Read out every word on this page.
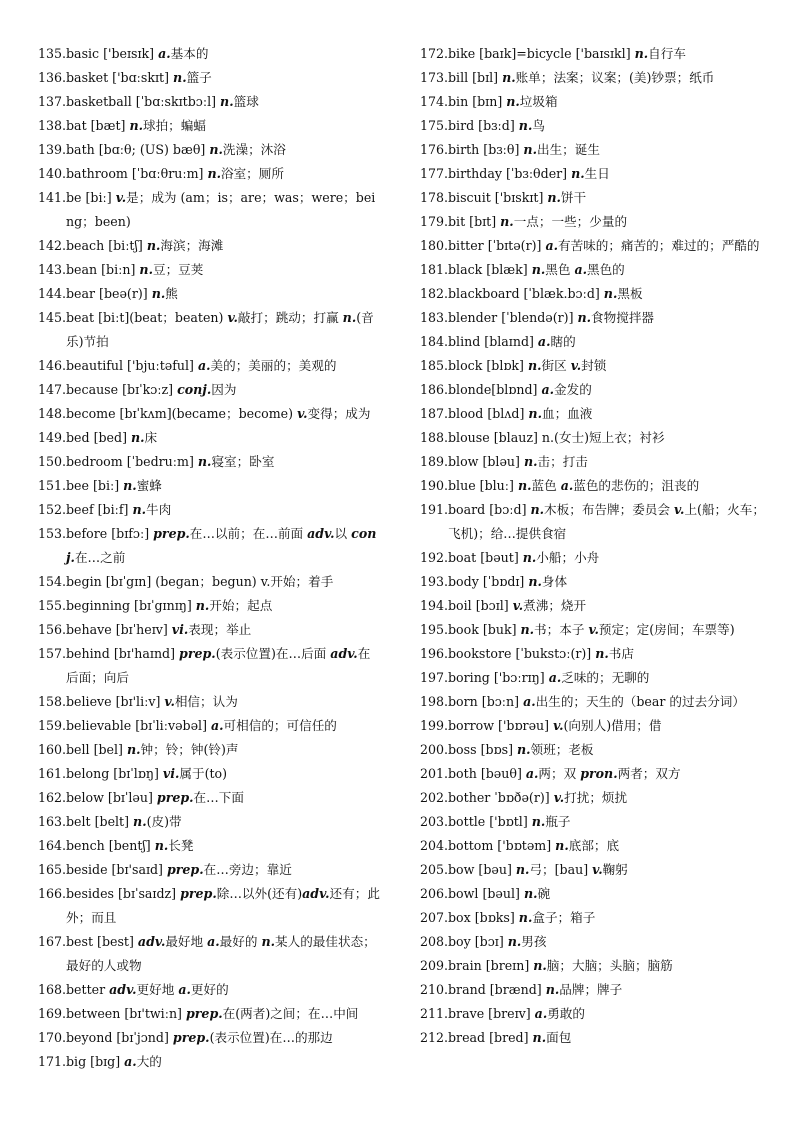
135. basic ['beɪsɪk] a.基本的
136. basket ['bɑːskɪt] n.篮子
137. basketball [ˈbɑːskɪtbɔːl] n.篮球
138. bat [bæt] n.球拍；蝙蝠
139. bath [bɑːθ; (US) bæθ] n.洗澡；沐浴
140. bathroom [ˈbɑːθruːm] n.浴室；厕所
141. be [biː] v.是；成为 (am；is；are；was；were；being；been)
142. beach [biːtʃ] n.海滨；海滩
143. bean [biːn] n.豆；豆荚
144. bear [beə(r)] n.熊
145. beat [biːt](beat；beaten) v.敲打；跳动；打赢 n.(音乐)节拍
146. beautiful ['bjuːtəful] a.美的；美丽的；美观的
147. because [bɪˈkɔːz] conj.因为
148. become [bɪˈkʌm](became；become) v.变得；成为
149. bed [bed] n.床
150. bedroom [ˈbedruːm] n.寝室；卧室
151. bee [biː] n.蜜蜂
152. beef [biːf] n.牛肉
153. before [bɪfɔː] prep.在…以前；在…前面 adv.以 conj.在…之前
154. begin [bɪˈgɪn] (began；begun) v.开始；着手
155. beginning [bɪˈgɪnɪŋ] n.开始；起点
156. behave [bɪˈheɪv] vi.表现；举止
157. behind [bɪ'haɪnd] prep.(表示位置)在…后面 adv.在后面；向后
158. believe [bɪ'liːv] v.相信；认为
159. believable [bɪˈliːvəbəl] a.可相信的；可信任的
160. bell [bel] n.钟；铃；钟(铃)声
161. belong [bɪˈlɒŋ] vi.属于(to)
162. below [bɪˈləu] prep.在…下面
163. belt [belt] n.(皮)带
164. bench [bentʃ] n.长凳
165. beside [bɪ'saɪd] prep.在…旁边；靠近
166. besides [bɪˈsaɪdz] prep.除…以外(还有)adv.还有；此外；而且
167. best [best] adv.最好地 a.最好的 n.某人的最佳状态；最好的人或物
168. better adv.更好地 a.更好的
169. between [bɪ'twiːn] prep.在(两者)之间；在…中间
170. beyond [bɪˈjɔnd] prep.(表示位置)在…的那边
171. big [bɪg] a.大的
172. bike [baɪk]=bicycle ['baɪsɪkl] n.自行车
173. bill [bɪl] n.账单；法案；议案；(美)钞票；纸币
174. bin [bɪn] n.垃圾箱
175. bird [bɜːd] n.鸟
176. birth [bɜːθ] n.出生；诞生
177. birthday [ˈbɜːθder] n.生日
178. biscuit ['bɪskɪt] n.饼干
179. bit [bɪt] n.一点；一些；少量的
180. bitter [ˈbɪtə(r)] a.有苦味的；痛苦的；难过的；严酷的
181. black [blæk] n.黑色 a.黑色的
182. blackboard [ˈblæk.bɔːd] n.黑板
183. blender [ˈblendə(r)] n.食物搅拌器
184. blind [blaɪnd] a.瞎的
185. block [blɒk] n.街区 v.封锁
186. blonde[blɒnd] a.金发的
187. blood [blʌd] n.血；血液
188. blouse [blauz] n.(女士)短上衣；衬衫
189. blow [bləu] n.击；打击
190. blue [bluː] n.蓝色 a.蓝色的悲伤的；沮丧的
191. board [bɔːd] n.木板；布告牌；委员会 v.上(船；火车；飞机)；给…提供食宿
192. boat [bəut] n.小船；小舟
193. body [ˈbɒdɪ] n.身体
194. boil [bɔɪl] v.煮沸；烧开
195. book [buk] n.书；本子 v.预定；定(房间；车票等)
196. bookstore [ˈbukstɔː(r)] n.书店
197. boring ['bɔːrɪŋ] a.乏味的；无聊的
198. born [bɔːn] a.出生的；天生的（bear 的过去分词）
199. borrow ['bɒrəu] v.(向别人)借用；借
200. boss [bɒs] n.领班；老板
201. both [bəuθ] a.两；双 pron.两者；双方
202. bother ˈbɒðə(r)] v.打扰；烦扰
203. bottle ['bɒtl] n.瓶子
204. bottom ['bɒtəm] n.底部；底
205. bow [bəu] n.弓；[bau] v.鞠躬
206. bowl [bəul] n.碗
207. box [bɒks] n.盒子；箱子
208. boy [bɔɪ] n.男孩
209. brain [breɪn] n.脑；大脑；头脑；脑筋
210. brand [brænd] n.品牌；牌子
211. brave [breɪv] a.勇敢的
212. bread [bred] n.面包
